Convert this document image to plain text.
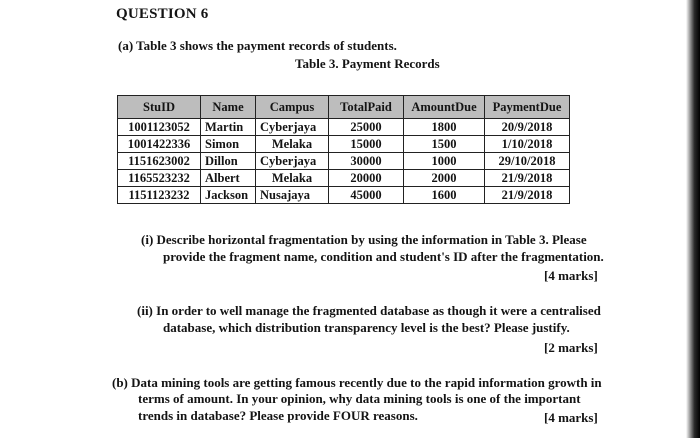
QUESTION 6
(a) Table 3 shows the payment records of students.
Table 3. Payment Records
StuID	Name	Campus	TotalPaid	AmountDue	PaymentDue
1001123052	Martin	Cyberjaya	25000	1800	20/9/2018
1001422336	Simon	Melaka	15000	1500	1/10/2018
1151623002	Dillon	Cyberjaya	30000	1000	29/10/2018
1165523232	Albert	Melaka	20000	2000	21/9/2018
1151123232	Jackson	Nusajaya	45000	1600	21/9/2018
(i) Describe horizontal fragmentation by using the information in Table 3. Please
provide the fragment name, condition and student's ID after the fragmentation.
[4 marks]
(ii) In order to well manage the fragmented database as though it were a centralised
database, which distribution transparency level is the best? Please justify.
[2 marks]
(b) Data mining tools are getting famous recently due to the rapid information growth in
terms of amount. In your opinion, why data mining tools is one of the important
trends in database? Please provide FOUR reasons.	[4 marks]
